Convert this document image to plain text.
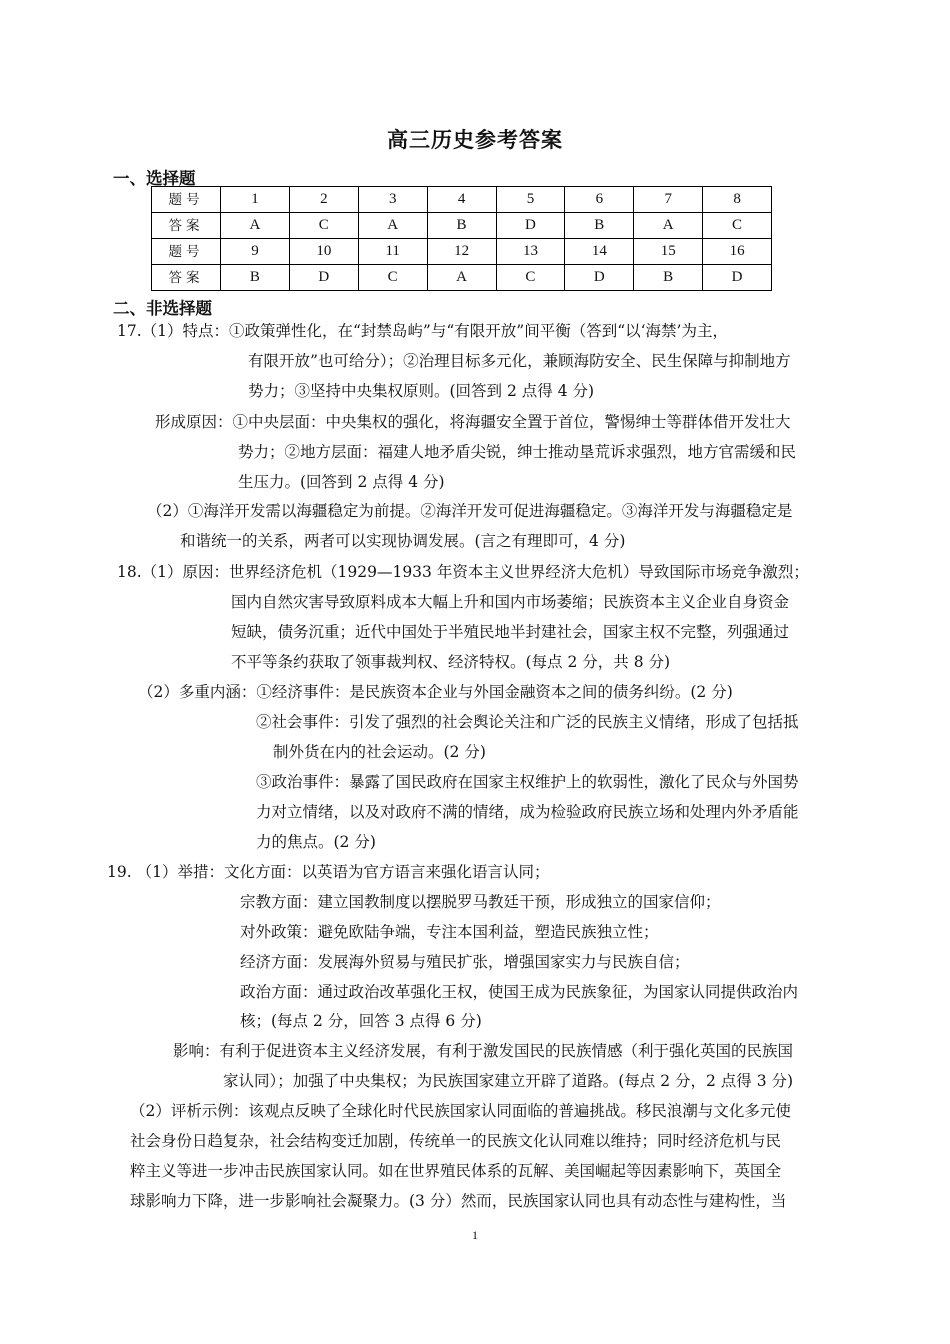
高三历史参考答案
一、选择题
题号	1	2	3	4	5	6	7	8
答案	A	C	A	B	D	B	A	C
题号	9	10	11	12	13	14	15	16
答案	B	D	C	A	C	D	B	D
二、非选择题
17.（1）特点：①政策弹性化，在“封禁岛屿”与“有限开放”间平衡（答到“以‘海禁’为主，
有限开放”也可给分）；②治理目标多元化，兼顾海防安全、民生保障与抑制地方
势力；③坚持中央集权原则。(回答到 2 点得 4 分)
形成原因：①中央层面：中央集权的强化，将海疆安全置于首位，警惕绅士等群体借开发壮大
势力；②地方层面：福建人地矛盾尖锐，绅士推动垦荒诉求强烈，地方官需缓和民
生压力。(回答到 2 点得 4 分)
（2）①海洋开发需以海疆稳定为前提。②海洋开发可促进海疆稳定。③海洋开发与海疆稳定是
和谐统一的关系，两者可以实现协调发展。(言之有理即可，4 分)
18.（1）原因：世界经济危机（1929—1933 年资本主义世界经济大危机）导致国际市场竞争激烈；
国内自然灾害导致原料成本大幅上升和国内市场萎缩；民族资本主义企业自身资金
短缺，债务沉重；近代中国处于半殖民地半封建社会，国家主权不完整，列强通过
不平等条约获取了领事裁判权、经济特权。(每点 2 分，共 8 分)
（2）多重内涵：①经济事件：是民族资本企业与外国金融资本之间的债务纠纷。(2 分)
②社会事件：引发了强烈的社会舆论关注和广泛的民族主义情绪，形成了包括抵
制外货在内的社会运动。(2 分)
③政治事件：暴露了国民政府在国家主权维护上的软弱性，激化了民众与外国势
力对立情绪，以及对政府不满的情绪，成为检验政府民族立场和处理内外矛盾能
力的焦点。(2 分)
19. （1）举措：文化方面：以英语为官方语言来强化语言认同；
宗教方面：建立国教制度以摆脱罗马教廷干预，形成独立的国家信仰；
对外政策：避免欧陆争端，专注本国利益，塑造民族独立性；
经济方面：发展海外贸易与殖民扩张，增强国家实力与民族自信；
政治方面：通过政治改革强化王权，使国王成为民族象征，为国家认同提供政治内
核；(每点 2 分，回答 3 点得 6 分)
影响：有利于促进资本主义经济发展，有利于激发国民的民族情感（利于强化英国的民族国
家认同）；加强了中央集权；为民族国家建立开辟了道路。(每点 2 分，2 点得 3 分)
（2）评析示例：该观点反映了全球化时代民族国家认同面临的普遍挑战。移民浪潮与文化多元使
社会身份日趋复杂，社会结构变迁加剧，传统单一的民族文化认同难以维持；同时经济危机与民
粹主义等进一步冲击民族国家认同。如在世界殖民体系的瓦解、美国崛起等因素影响下，英国全
球影响力下降，进一步影响社会凝聚力。(3 分）然而，民族国家认同也具有动态性与建构性，当
1
